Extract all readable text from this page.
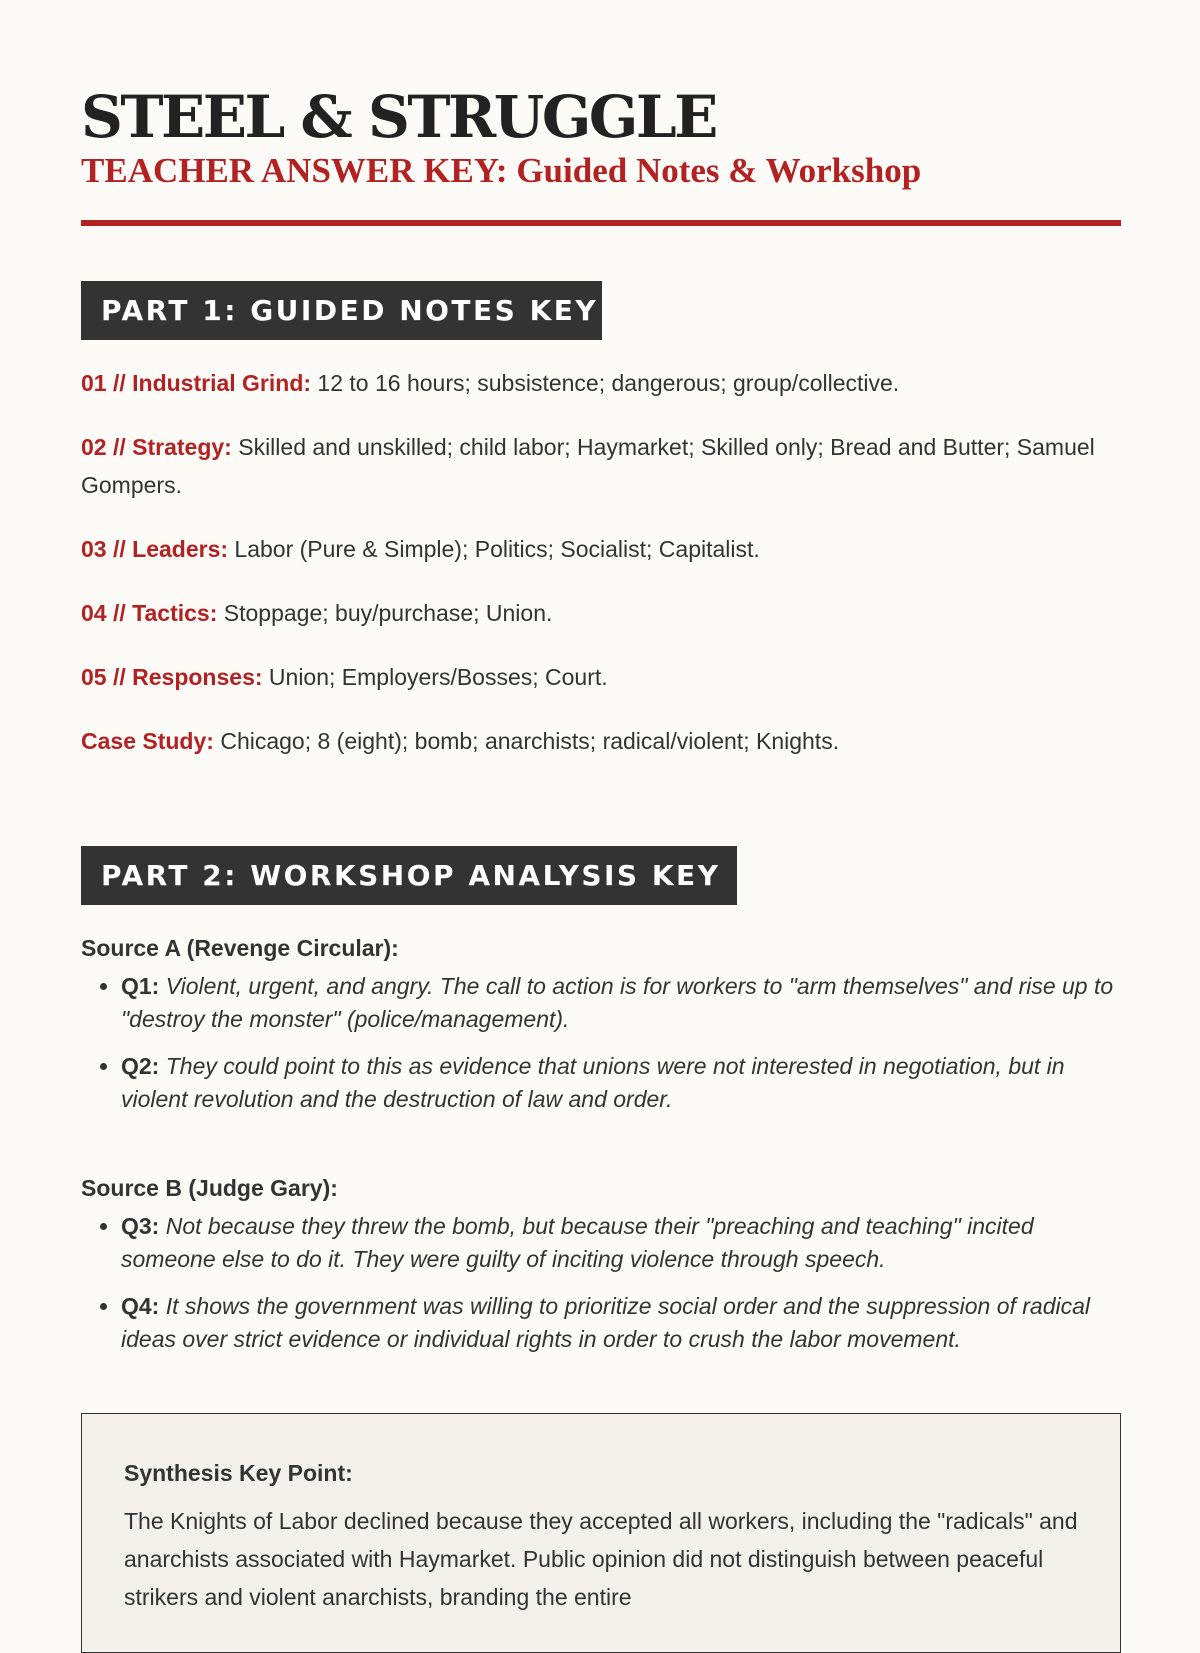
STEEL & STRUGGLE
TEACHER ANSWER KEY: Guided Notes & Workshop
PART 1: GUIDED NOTES KEY

01 // Industrial Grind: 12 to 16 hours; subsistence; dangerous; group/collective.

02 // Strategy: Skilled and unskilled; child labor; Haymarket; Skilled only; Bread and Butter; Samuel Gompers.

03 // Leaders: Labor (Pure & Simple); Politics; Socialist; Capitalist.

04 // Tactics: Stoppage; buy/purchase; Union.

05 // Responses: Union; Employers/Bosses; Court.

Case Study: Chicago; 8 (eight); bomb; anarchists; radical/violent; Knights.

PART 2: WORKSHOP ANALYSIS KEY

Source A (Revenge Circular):

• Q1: Violent, urgent, and angry. The call to action is for workers to "arm themselves" and rise up to "destroy the monster" (police/management).
• Q2: They could point to this as evidence that unions were not interested in negotiation, but in violent revolution and the destruction of law and order.

Source B (Judge Gary):

• Q3: Not because they threw the bomb, but because their "preaching and teaching" incited someone else to do it. They were guilty of inciting violence through speech.
• Q4: It shows the government was willing to prioritize social order and the suppression of radical ideas over strict evidence or individual rights in order to crush the labor movement.
Synthesis Key Point:

The Knights of Labor declined because they accepted all workers, including the "radicals" and anarchists associated with Haymarket. Public opinion did not distinguish between peaceful strikers and violent anarchists, branding the entire
